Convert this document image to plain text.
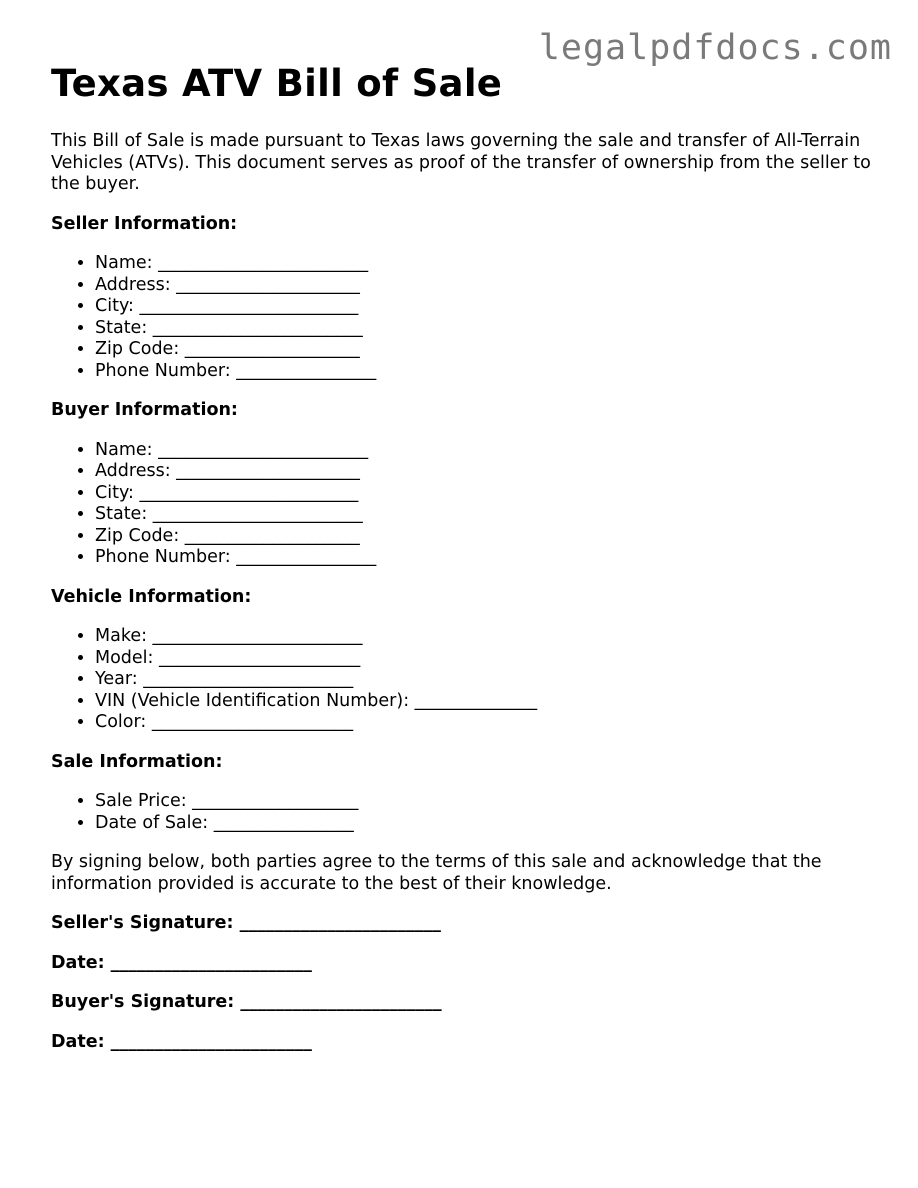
legalpdfdocs.com
Texas ATV Bill of Sale

This Bill of Sale is made pursuant to Texas laws governing the sale and transfer of All-Terrain Vehicles (ATVs). This document serves as proof of the transfer of ownership from the seller to the buyer.

Seller Information:
• Name: ________________________
• Address: _____________________
• City: _________________________
• State: ________________________
• Zip Code: ____________________
• Phone Number: ________________
Buyer Information:
• Name: ________________________
• Address: _____________________
• City: _________________________
• State: ________________________
• Zip Code: ____________________
• Phone Number: ________________
Vehicle Information:
• Make: ________________________
• Model: _______________________
• Year: ________________________
• VIN (Vehicle Identification Number): ______________
• Color: _______________________
Sale Information:
• Sale Price: ___________________
• Date of Sale: ________________

By signing below, both parties agree to the terms of this sale and acknowledge that the information provided is accurate to the best of their knowledge.

Seller's Signature: _______________________
Date: _______________________
Buyer's Signature: _______________________
Date: _______________________
